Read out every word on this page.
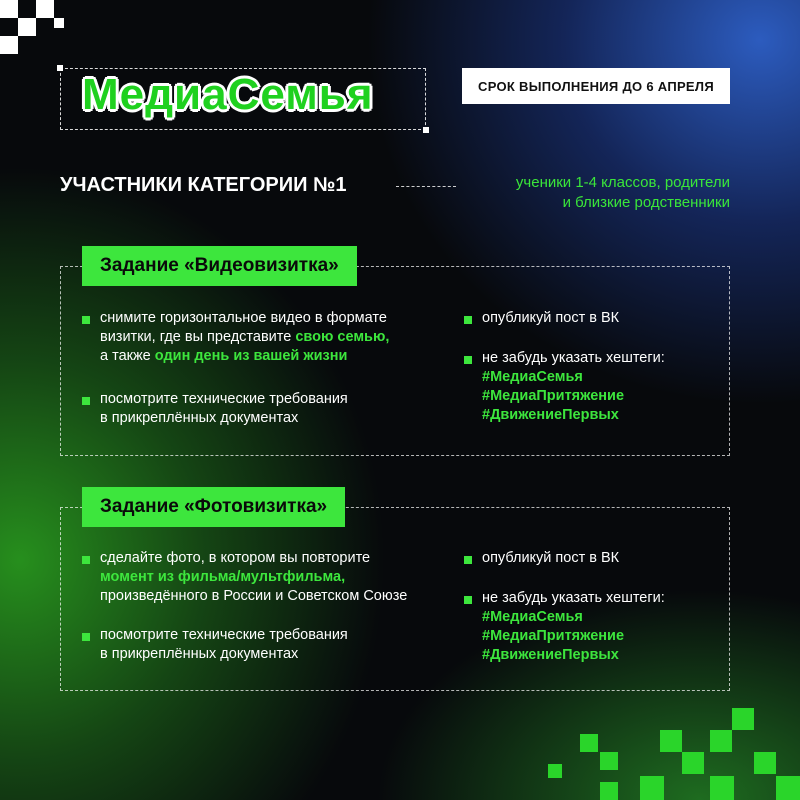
МедиаСемья	СРОК ВЫПОЛНЕНИЯ ДО 6 АПРЕЛЯ
УЧАСТНИКИ КАТЕГОРИИ №1	ученики 1-4 классов, родители
и близкие родственники
Задание «Видеовизитка»
снимите горизонтальное видео в формате
визитки, где вы представите свою семью,
а также один день из вашей жизни
посмотрите технические требования
в прикреплённых документах
опубликуй пост в ВК
не забудь указать хештеги:
#МедиаСемья
#МедиаПритяжение
#ДвижениеПервых
Задание «Фотовизитка»
сделайте фото, в котором вы повторите
момент из фильма/мультфильма,
произведённого в России и Советском Союзе
посмотрите технические требования
в прикреплённых документах
опубликуй пост в ВК
не забудь указать хештеги:
#МедиаСемья
#МедиаПритяжение
#ДвижениеПервых
